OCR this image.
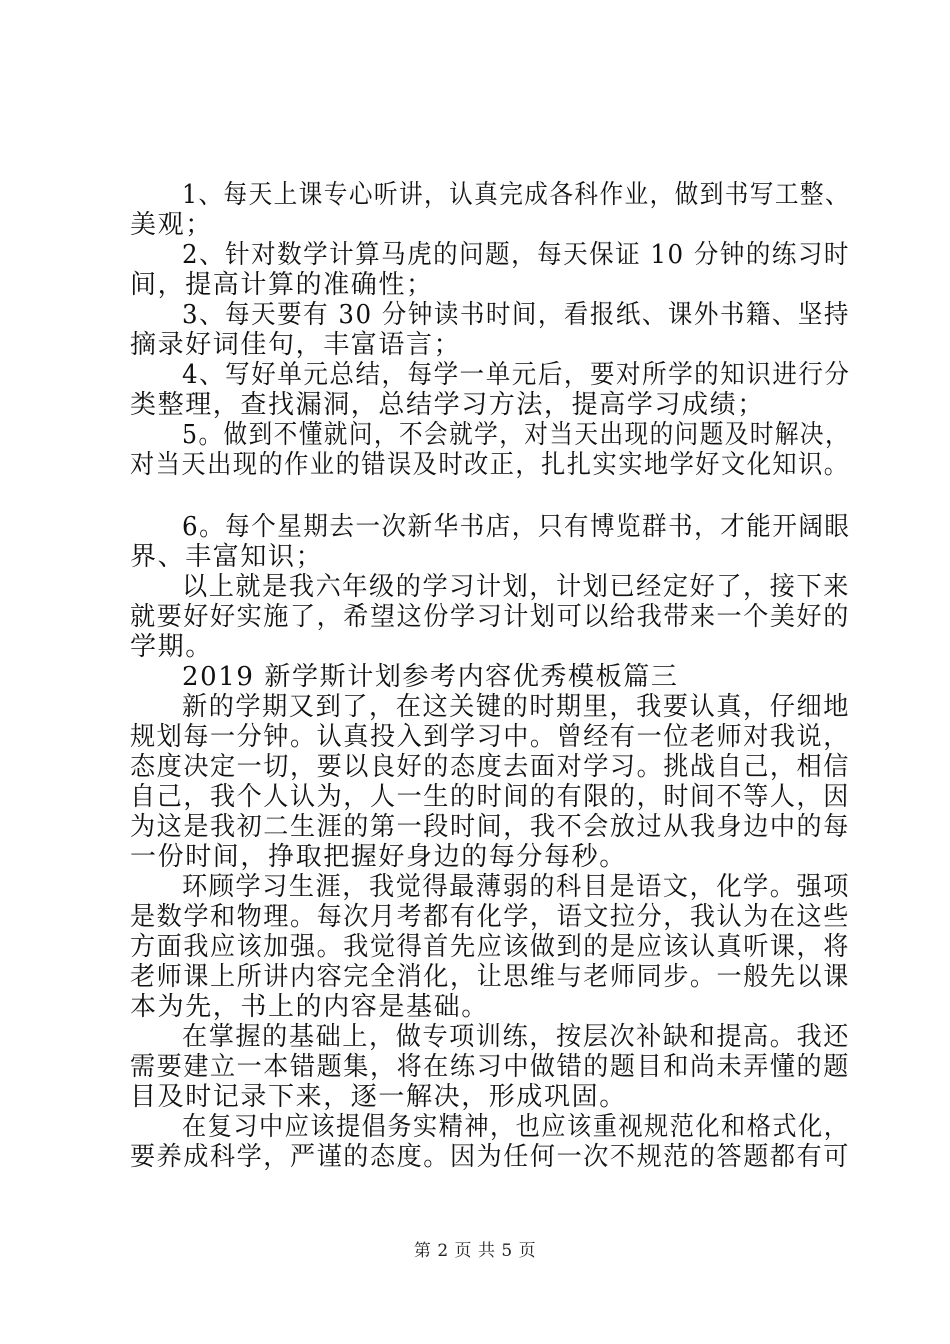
1、每天上课专心听讲，认真完成各科作业，做到书写工整、
美观；
2、针对数学计算马虎的问题，每天保证 10 分钟的练习时
间，提高计算的准确性；
3、每天要有 30 分钟读书时间，看报纸、课外书籍、坚持
摘录好词佳句，丰富语言；
4、写好单元总结，每学一单元后，要对所学的知识进行分
类整理，查找漏洞，总结学习方法，提高学习成绩；
5。做到不懂就问，不会就学，对当天出现的问题及时解决，
对当天出现的作业的错误及时改正，扎扎实实地学好文化知识。
6。每个星期去一次新华书店，只有博览群书，才能开阔眼
界、丰富知识；
以上就是我六年级的学习计划，计划已经定好了，接下来
就要好好实施了，希望这份学习计划可以给我带来一个美好的
学期。
2019 新学斯计划参考内容优秀模板篇三
新的学期又到了，在这关键的时期里，我要认真，仔细地
规划每一分钟。认真投入到学习中。曾经有一位老师对我说，
态度决定一切，要以良好的态度去面对学习。挑战自己，相信
自己，我个人认为，人一生的时间的有限的，时间不等人，因
为这是我初二生涯的第一段时间，我不会放过从我身边中的每
一份时间，挣取把握好身边的每分每秒。
环顾学习生涯，我觉得最薄弱的科目是语文，化学。强项
是数学和物理。每次月考都有化学，语文拉分，我认为在这些
方面我应该加强。我觉得首先应该做到的是应该认真听课，将
老师课上所讲内容完全消化，让思维与老师同步。一般先以课
本为先，书上的内容是基础。
在掌握的基础上，做专项训练，按层次补缺和提高。我还
需要建立一本错题集，将在练习中做错的题目和尚未弄懂的题
目及时记录下来，逐一解决，形成巩固。
在复习中应该提倡务实精神，也应该重视规范化和格式化，
要养成科学，严谨的态度。因为任何一次不规范的答题都有可
第 2 页 共 5 页
